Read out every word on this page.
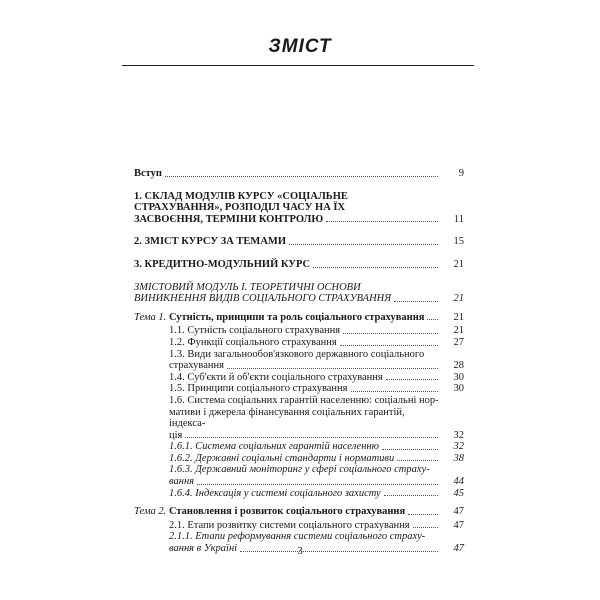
ЗМІСТ
Вступ	9
1. СКЛАД МОДУЛІВ КУРСУ «СОЦІАЛЬНЕ
СТРАХУВАННЯ», РОЗПОДІЛ ЧАСУ НА ЇХ
ЗАСВОЄННЯ, ТЕРМІНИ КОНТРОЛЮ	11
2. ЗМІСТ КУРСУ ЗА ТЕМАМИ	15
3. КРЕДИТНО-МОДУЛЬНИЙ КУРС	21
ЗМІСТОВИЙ МОДУЛЬ І. ТЕОРЕТИЧНІ ОСНОВИ
ВИНИКНЕННЯ ВИДІВ СОЦІАЛЬНОГО СТРАХУВАННЯ	21
Тема 1. Сутність, принципи та роль соціального страхування	21
1.1. Сутність соціального страхування	21
1.2. Функції соціального страхування	27
1.3. Види загальнообов'язкового державного соціального
страхування	28
1.4. Суб'єкти й об'єкти соціального страхування	30
1.5. Принципи соціального страхування	30
1.6. Система соціальних гарантій населенню: соціальні нор-
мативи і джерела фінансування соціальних гарантій, індекса-
ція	32
1.6.1. Система соціальних гарантій населенню	32
1.6.2. Державні соціальні стандарти і нормативи	38
1.6.3. Державний моніторинг у сфері соціального страху-
вання	44
1.6.4. Індексація у системі соціального захисту	45
Тема 2. Становлення і розвиток соціального страхування	47
2.1. Етапи розвитку системи соціального страхування	47
2.1.1. Етапи реформування системи соціального страху-
вання в Україні	47
3
